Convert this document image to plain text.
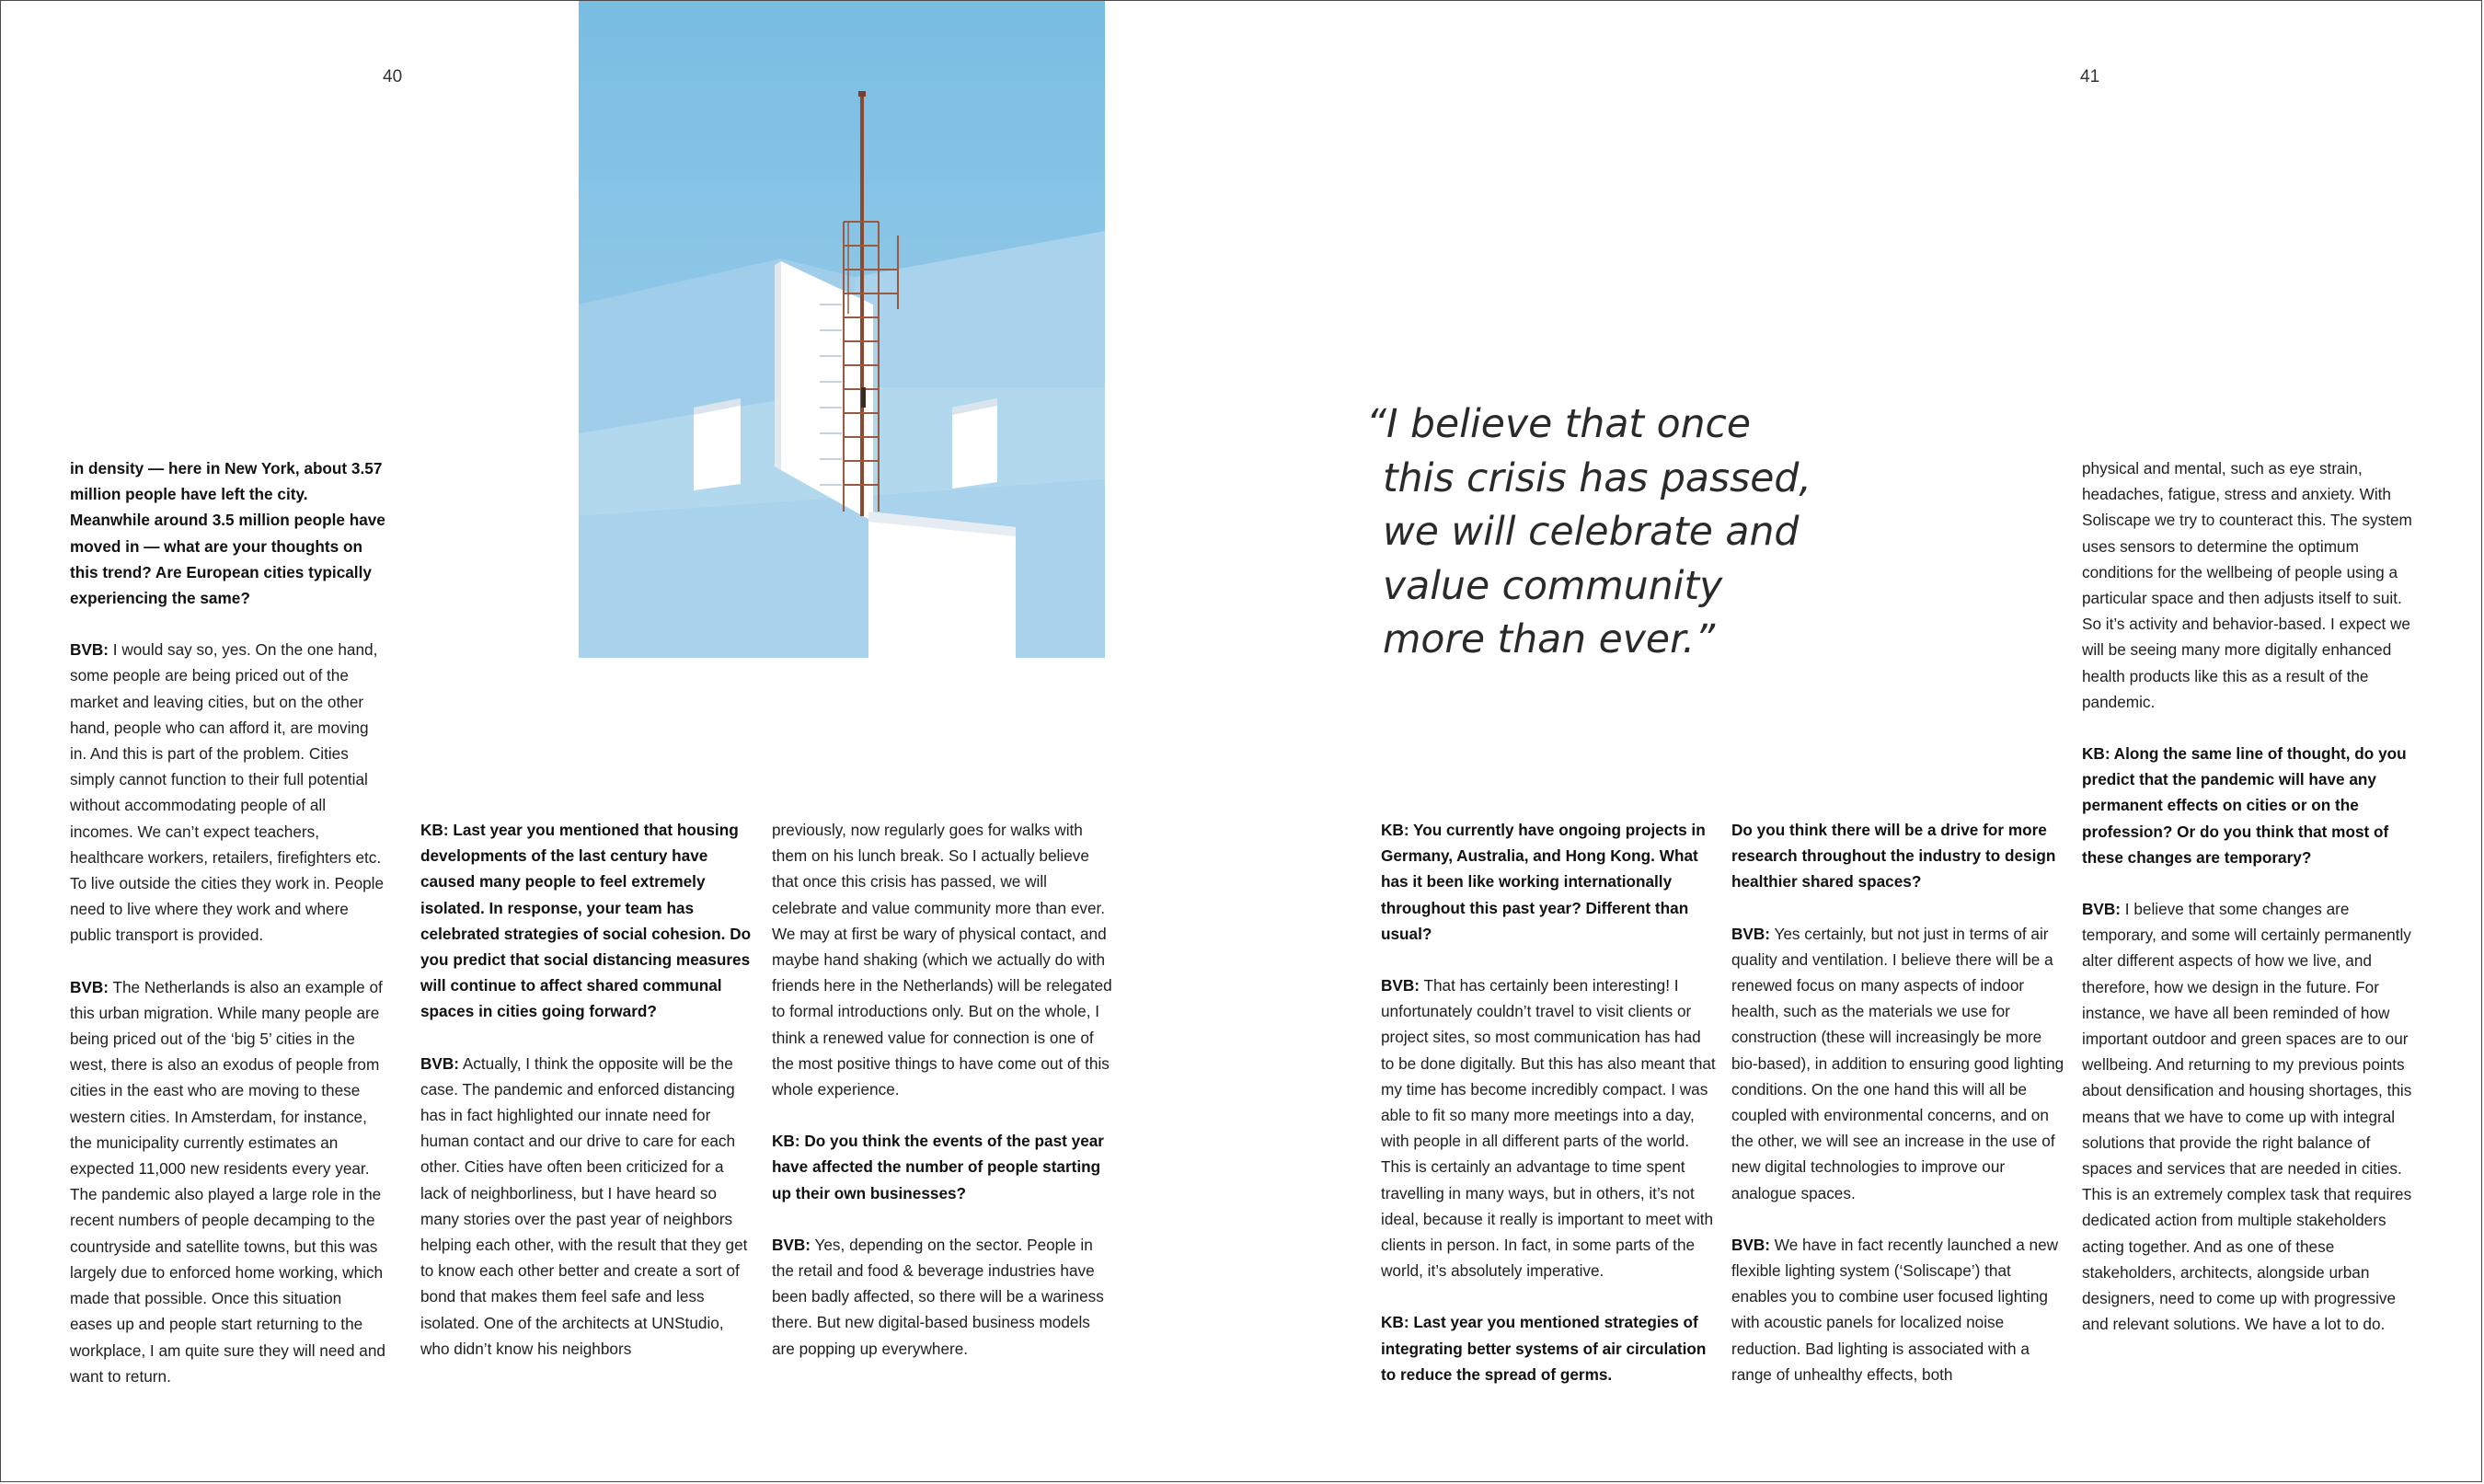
40	41
“I believe that once
this crisis has passed,
we will celebrate and
value community
more than ever.”

in density — here in New York, about 3.57 million people have left the city. Meanwhile around 3.5 million people have moved in — what are your thoughts on this trend? Are European cities typically experiencing the same?

BVB: I would say so, yes. On the one hand, some people are being priced out of the market and leaving cities, but on the other hand, people who can afford it, are moving in. And this is part of the problem. Cities simply cannot function to their full potential without accommodating people of all incomes. We can’t expect teachers, healthcare workers, retailers, firefighters etc. To live outside the cities they work in. People need to live where they work and where public transport is provided.

BVB: The Netherlands is also an example of this urban migration. While many people are being priced out of the ‘big 5’ cities in the west, there is also an exodus of people from cities in the east who are moving to these western cities. In Amsterdam, for instance, the municipality currently estimates an expected 11,000 new residents every year. The pandemic also played a large role in the recent numbers of people decamping to the countryside and satellite towns, but this was largely due to enforced home working, which made that possible. Once this situation eases up and people start returning to the workplace, I am quite sure they will need and want to return.

KB: Last year you mentioned that housing developments of the last century have caused many people to feel extremely isolated. In response, your team has celebrated strategies of social cohesion. Do you predict that social distancing measures will continue to affect shared communal spaces in cities going forward?

BVB: Actually, I think the opposite will be the case. The pandemic and enforced distancing has in fact highlighted our innate need for human contact and our drive to care for each other. Cities have often been criticized for a lack of neighborliness, but I have heard so many stories over the past year of neighbors helping each other, with the result that they get to know each other better and create a sort of bond that makes them feel safe and less isolated. One of the architects at UNStudio, who didn’t know his neighbors

previously, now regularly goes for walks with them on his lunch break. So I actually believe that once this crisis has passed, we will celebrate and value community more than ever. We may at first be wary of physical contact, and maybe hand shaking (which we actually do with friends here in the Netherlands) will be relegated to formal introductions only. But on the whole, I think a renewed value for connection is one of the most positive things to have come out of this whole experience.

KB: Do you think the events of the past year have affected the number of people starting up their own businesses?

BVB: Yes, depending on the sector. People in the retail and food & beverage industries have been badly affected, so there will be a wariness there. But new digital-based business models are popping up everywhere.

KB: You currently have ongoing projects in Germany, Australia, and Hong Kong. What has it been like working internationally throughout this past year? Different than usual?

BVB: That has certainly been interesting! I unfortunately couldn’t travel to visit clients or project sites, so most communication has had to be done digitally. But this has also meant that my time has become incredibly compact. I was able to fit so many more meetings into a day, with people in all different parts of the world. This is certainly an advantage to time spent travelling in many ways, but in others, it’s not ideal, because it really is important to meet with clients in person. In fact, in some parts of the world, it’s absolutely imperative.

KB: Last year you mentioned strategies of integrating better systems of air circulation to reduce the spread of germs.

Do you think there will be a drive for more research throughout the industry to design healthier shared spaces?

BVB: Yes certainly, but not just in terms of air quality and ventilation. I believe there will be a renewed focus on many aspects of indoor health, such as the materials we use for construction (these will increasingly be more bio-based), in addition to ensuring good lighting conditions. On the one hand this will all be coupled with environmental concerns, and on the other, we will see an increase in the use of new digital technologies to improve our analogue spaces.

BVB: We have in fact recently launched a new flexible lighting system (‘Soliscape’) that enables you to combine user focused lighting with acoustic panels for localized noise reduction. Bad lighting is associated with a range of unhealthy effects, both

physical and mental, such as eye strain, headaches, fatigue, stress and anxiety. With Soliscape we try to counteract this. The system uses sensors to determine the optimum conditions for the wellbeing of people using a particular space and then adjusts itself to suit. So it’s activity and behavior-based. I expect we will be seeing many more digitally enhanced health products like this as a result of the pandemic.

KB: Along the same line of thought, do you predict that the pandemic will have any permanent effects on cities or on the profession? Or do you think that most of these changes are temporary?

BVB: I believe that some changes are temporary, and some will certainly permanently alter different aspects of how we live, and therefore, how we design in the future. For instance, we have all been reminded of how important outdoor and green spaces are to our wellbeing. And returning to my previous points about densification and housing shortages, this means that we have to come up with integral solutions that provide the right balance of spaces and services that are needed in cities. This is an extremely complex task that requires dedicated action from multiple stakeholders acting together. And as one of these stakeholders, architects, alongside urban designers, need to come up with progressive and relevant solutions. We have a lot to do.
